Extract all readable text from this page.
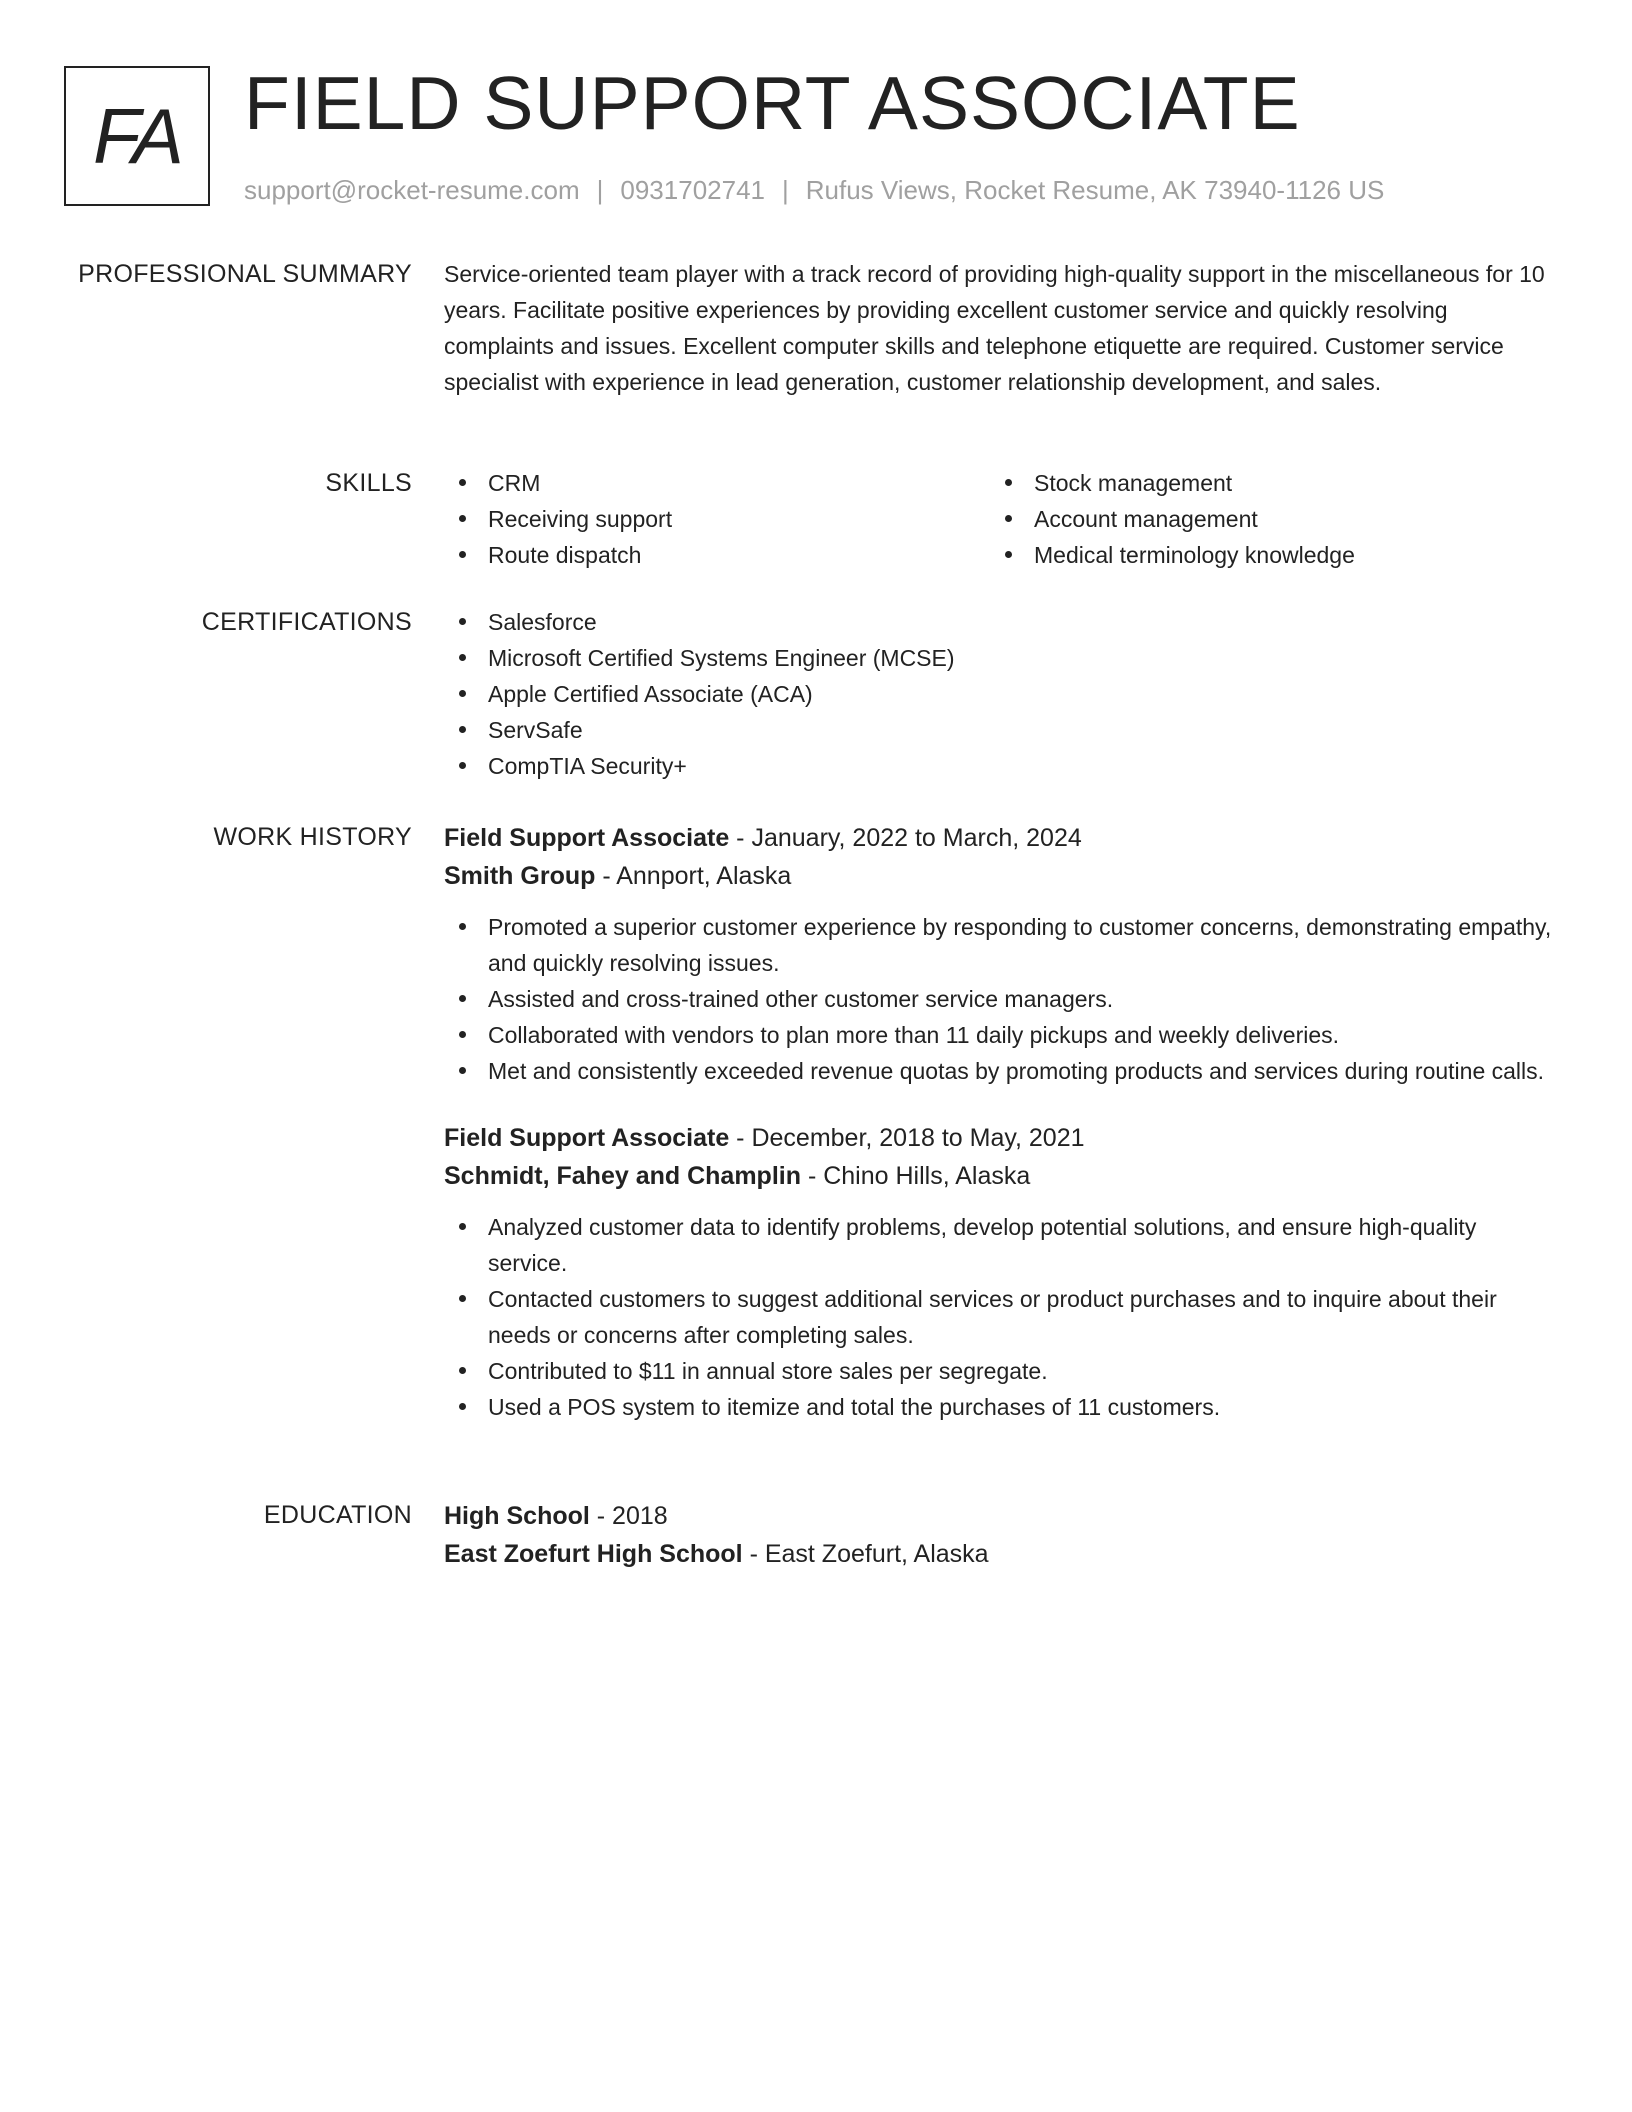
FA FIELD SUPPORT ASSOCIATE
support@rocket-resume.com | 0931702741 | Rufus Views, Rocket Resume, AK 73940-1126 US
PROFESSIONAL SUMMARY Service-oriented team player with a track record of providing high-quality support in the miscellaneous for 10 years. Facilitate positive experiences by providing excellent customer service and quickly resolving complaints and issues. Excellent computer skills and telephone etiquette are required. Customer service specialist with experience in lead generation, customer relationship development, and sales.

SKILLS	CRM
Receiving support
Route dispatch
Stock management
Account management
Medical terminology knowledge
CERTIFICATIONS	Salesforce
Microsoft Certified Systems Engineer (MCSE)
Apple Certified Associate (ACA)
ServSafe
CompTIA Security+
WORK HISTORY Field Support Associate - January, 2022 to March, 2024
Smith Group - Annport, Alaska
Promoted a superior customer experience by responding to customer concerns, demonstrating empathy, and quickly resolving issues.
Assisted and cross-trained other customer service managers.
Collaborated with vendors to plan more than 11 daily pickups and weekly deliveries.
Met and consistently exceeded revenue quotas by promoting products and services during routine calls.
Field Support Associate - December, 2018 to May, 2021
Schmidt, Fahey and Champlin - Chino Hills, Alaska
Analyzed customer data to identify problems, develop potential solutions, and ensure high-quality service.
Contacted customers to suggest additional services or product purchases and to inquire about their needs or concerns after completing sales.
Contributed to $11 in annual store sales per segregate.
Used a POS system to itemize and total the purchases of 11 customers.
EDUCATION High School - 2018
East Zoefurt High School - East Zoefurt, Alaska
